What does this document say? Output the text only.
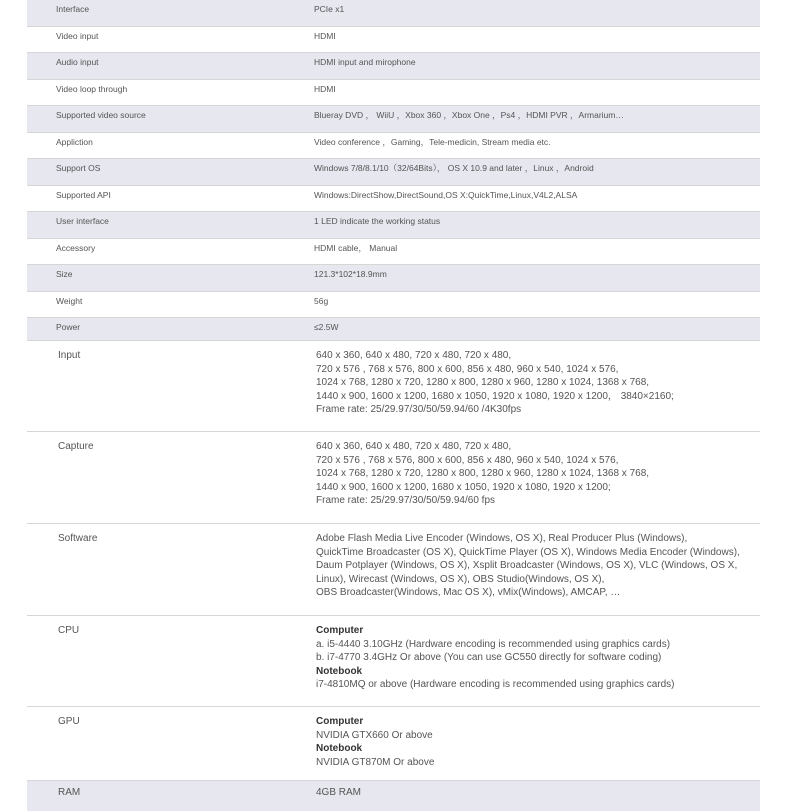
Interface	PCIe x1
Video input	HDMI
Audio input	HDMI input and mirophone
Video loop through	HDMI
Supported video source	Blueray DVD ， WiiU ，Xbox 360 ，Xbox One ，Ps4 ，HDMI PVR ，Armarium…
Appliction	Video conference ，Gaming，Tele-medicin, Stream media etc.
Support OS	Windows 7/8/8.1/10（32/64Bits）， OS X 10.9 and later ，Linux ，Android
Supported API	Windows:DirectShow,DirectSound,OS X:QuickTime,Linux,V4L2,ALSA
User interface	1 LED indicate the working status
Accessory	HDMI cable， Manual
Size	121.3*102*18.9mm
Weight	56g
Power	≤2.5W
Input	640 x 360, 640 x 480, 720 x 480, 720 x 480,
720 x 576 , 768 x 576, 800 x 600, 856 x 480, 960 x 540, 1024 x 576,
1024 x 768, 1280 x 720, 1280 x 800, 1280 x 960, 1280 x 1024, 1368 x 768,
1440 x 900, 1600 x 1200, 1680 x 1050, 1920 x 1080, 1920 x 1200， 3840×2160;
Frame rate: 25/29.97/30/50/59.94/60 /4K30fps
Capture	640 x 360, 640 x 480, 720 x 480, 720 x 480,
720 x 576 , 768 x 576, 800 x 600, 856 x 480, 960 x 540, 1024 x 576,
1024 x 768, 1280 x 720, 1280 x 800, 1280 x 960, 1280 x 1024, 1368 x 768,
1440 x 900, 1600 x 1200, 1680 x 1050, 1920 x 1080, 1920 x 1200;
Frame rate: 25/29.97/30/50/59.94/60 fps
Software	Adobe Flash Media Live Encoder (Windows, OS X), Real Producer Plus (Windows),
QuickTime Broadcaster (OS X), QuickTime Player (OS X), Windows Media Encoder (Windows),
Daum Potplayer (Windows, OS X), Xsplit Broadcaster (Windows, OS X), VLC (Windows, OS X,
Linux), Wirecast (Windows, OS X), OBS Studio(Windows, OS X),
OBS Broadcaster(Windows, Mac OS X), vMix(Windows), AMCAP, …
CPU	Computer
a. i5-4440 3.10GHz (Hardware encoding is recommended using graphics cards)
b. i7-4770 3.4GHz Or above (You can use GC550 directly for software coding)
Notebook
i7-4810MQ or above (Hardware encoding is recommended using graphics cards)
GPU	Computer
NVIDIA GTX660 Or above
Notebook
NVIDIA GT870M Or above
RAM	4GB RAM
